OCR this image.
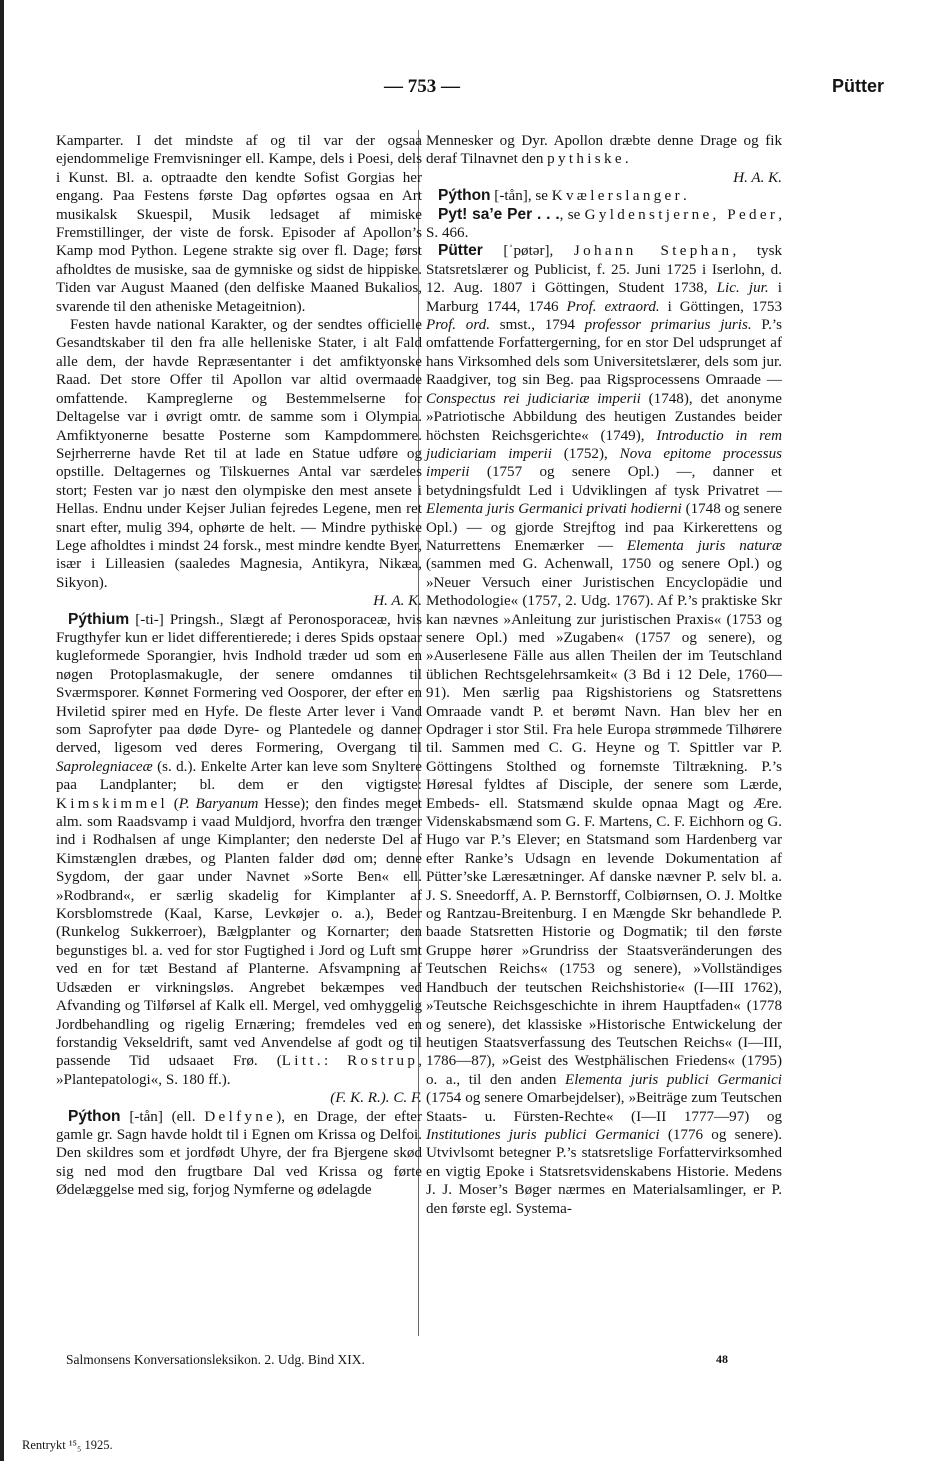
— 753 —	Pütter

Kamparter. I det mindste af og til var der ogsaa ejendommelige Fremvisninger ell. Kampe, dels i Poesi, dels i Kunst. Bl. a. optraadte den kendte Sofist Gorgias her engang. Paa Festens første Dag opførtes ogsaa en Art musikalsk Skuespil, Musik ledsaget af mimiske Fremstillinger, der viste de forsk. Episoder af Apollon’s Kamp mod Python. Legene strakte sig over fl. Dage; først afholdtes de musiske, saa de gymniske og sidst de hippiske. Tiden var August Maaned (den delfiske Maaned Bukalios, svarende til den atheniske Metageitnion).

Festen havde national Karakter, og der sendtes officielle Gesandtskaber til den fra alle helleniske Stater, i alt Fald alle dem, der havde Repræsentanter i det amfiktyonske Raad. Det store Offer til Apollon var altid overmaade omfattende. Kampreglerne og Bestemmelserne for Deltagelse var i øvrigt omtr. de samme som i Olympia. Amfiktyonerne besatte Posterne som Kampdommere. Sejrherrerne havde Ret til at lade en Statue udføre og opstille. Deltagernes og Tilskuernes Antal var særdeles stort; Festen var jo næst den olympiske den mest ansete i Hellas. Endnu under Kejser Julian fejredes Legene, men ret snart efter, mulig 394, ophørte de helt. — Mindre pythiske Lege afholdtes i mindst 24 forsk., mest mindre kendte Byer, især i Lilleasien (saaledes Magnesia, Antikyra, Nikæa, Sikyon).
H. A. K.

Pýthium [-ti-] Pringsh., Slægt af Peronosporaceæ, hvis Frugthyfer kun er lidet differentierede; i deres Spids opstaar kugleformede Sporangier, hvis Indhold træder ud som en nøgen Protoplasmakugle, der senere omdannes til Sværmsporer. Kønnet Formering ved Oosporer, der efter en Hviletid spirer med en Hyfe. De fleste Arter lever i Vand som Saprofyter paa døde Dyre- og Plantedele og danner derved, ligesom ved deres Formering, Overgang til Saprolegniaceæ (s. d.). Enkelte Arter kan leve som Snyltere paa Landplanter; bl. dem er den vigtigste: Kimskimmel (P. Baryanum Hesse); den findes meget alm. som Raadsvamp i vaad Muldjord, hvorfra den trænger ind i Rodhalsen af unge Kimplanter; den nederste Del af Kimstænglen dræbes, og Planten falder død om; denne Sygdom, der gaar under Navnet »Sorte Ben« ell. »Rodbrand«, er særlig skadelig for Kimplanter af Korsblomstrede (Kaal, Karse, Levkøjer o. a.), Beder (Runkelog Sukkerroer), Bælgplanter og Kornarter; den begunstiges bl. a. ved for stor Fugtighed i Jord og Luft smt ved en for tæt Bestand af Planterne. Afsvampning af Udsæden er virkningsløs. Angrebet bekæmpes ved Afvanding og Tilførsel af Kalk ell. Mergel, ved omhyggelig Jordbehandling og rigelig Ernæring; fremdeles ved en forstandig Vekseldrift, samt ved Anvendelse af godt og til passende Tid udsaaet Frø. (Litt.: Rostrup, »Plantepatologi«, S. 180 ff.).
(F. K. R.). C. F.

Pýthon [-tån] (ell. Delfyne), en Drage, der efter gamle gr. Sagn havde holdt til i Egnen om Krissa og Delfoi. Den skildres som et jordfødt Uhyre, der fra Bjergene skød sig ned mod den frugtbare Dal ved Krissa og førte Ødelæggelse med sig, forjog Nymferne og ødelagde

Mennesker og Dyr. Apollon dræbte denne Drage og fik deraf Tilnavnet den pythiske.
H. A. K.

Pýthon [-tån], se Kvælerslanger.

Pyt! sa’e Per . . ., se Gyldenstjerne, Peder, S. 466.

Pütter [ˈpøtər], Johann Stephan, tysk Statsretslærer og Publicist, f. 25. Juni 1725 i Iserlohn, d. 12. Aug. 1807 i Göttingen, Student 1738, Lic. jur. i Marburg 1744, 1746 Prof. extraord. i Göttingen, 1753 Prof. ord. smst., 1794 professor primarius juris. P.’s omfattende Forfattergerning, for en stor Del udsprunget af hans Virksomhed dels som Universitetslærer, dels som jur. Raadgiver, tog sin Beg. paa Rigsprocessens Omraade — Conspectus rei judiciariæ imperii (1748), det anonyme »Patriotische Abbildung des heutigen Zustandes beider höchsten Reichsgerichte« (1749), Introductio in rem judiciariam imperii (1752), Nova epitome processus imperii (1757 og senere Opl.) —, danner et betydningsfuldt Led i Udviklingen af tysk Privatret — Elementa juris Germanici privati hodierni (1748 og senere Opl.) — og gjorde Strejftog ind paa Kirkerettens og Naturrettens Enemærker — Elementa juris naturæ (sammen med G. Achenwall, 1750 og senere Opl.) og »Neuer Versuch einer Juristischen Encyclopädie und Methodologie« (1757, 2. Udg. 1767). Af P.’s praktiske Skr kan nævnes »Anleitung zur juristischen Praxis« (1753 og senere Opl.) med »Zugaben« (1757 og senere), og »Auserlesene Fälle aus allen Theilen der im Teutschland üblichen Rechtsgelehrsamkeit« (3 Bd i 12 Dele, 1760—91). Men særlig paa Rigshistoriens og Statsrettens Omraade vandt P. et berømt Navn. Han blev her en Opdrager i stor Stil. Fra hele Europa strømmede Tilhørere til. Sammen med C. G. Heyne og T. Spittler var P. Göttingens Stolthed og fornemste Tiltrækning. P.’s Høresal fyldtes af Disciple, der senere som Lærde, Embeds- ell. Statsmænd skulde opnaa Magt og Ære. Videnskabsmænd som G. F. Martens, C. F. Eichhorn og G. Hugo var P.’s Elever; en Statsmand som Hardenberg var efter Ranke’s Udsagn en levende Dokumentation af Pütter’ske Læresætninger. Af danske nævner P. selv bl. a. J. S. Sneedorff, A. P. Bernstorff, Colbiørnsen, O. J. Moltke og Rantzau-Breitenburg. I en Mængde Skr behandlede P. baade Statsretten Historie og Dogmatik; til den første Gruppe hører »Grundriss der Staatsveränderungen des Teutschen Reichs« (1753 og senere), »Vollständiges Handbuch der teutschen Reichshistorie« (I—III 1762), »Teutsche Reichsgeschichte in ihrem Hauptfaden« (1778 og senere), det klassiske »Historische Entwickelung der heutigen Staatsverfassung des Teutschen Reichs« (I—III, 1786—87), »Geist des Westphälischen Friedens« (1795) o. a., til den anden Elementa juris publici Germanici (1754 og senere Omarbejdelser), »Beiträge zum Teutschen Staats- u. Fürsten-Rechte« (I—II 1777—97) og Institutiones juris publici Germanici (1776 og senere). Utvivlsomt betegner P.’s statsretslige Forfattervirksomhed en vigtig Epoke i Statsretsvidenskabens Historie. Medens J. J. Moser’s Bøger nærmes en Materialsamlinger, er P. den første egl. Systema-

Salmonsens Konversationsleksikon. 2. Udg. Bind XIX.	48
Rentrykt ¹⁵₅ 1925.
